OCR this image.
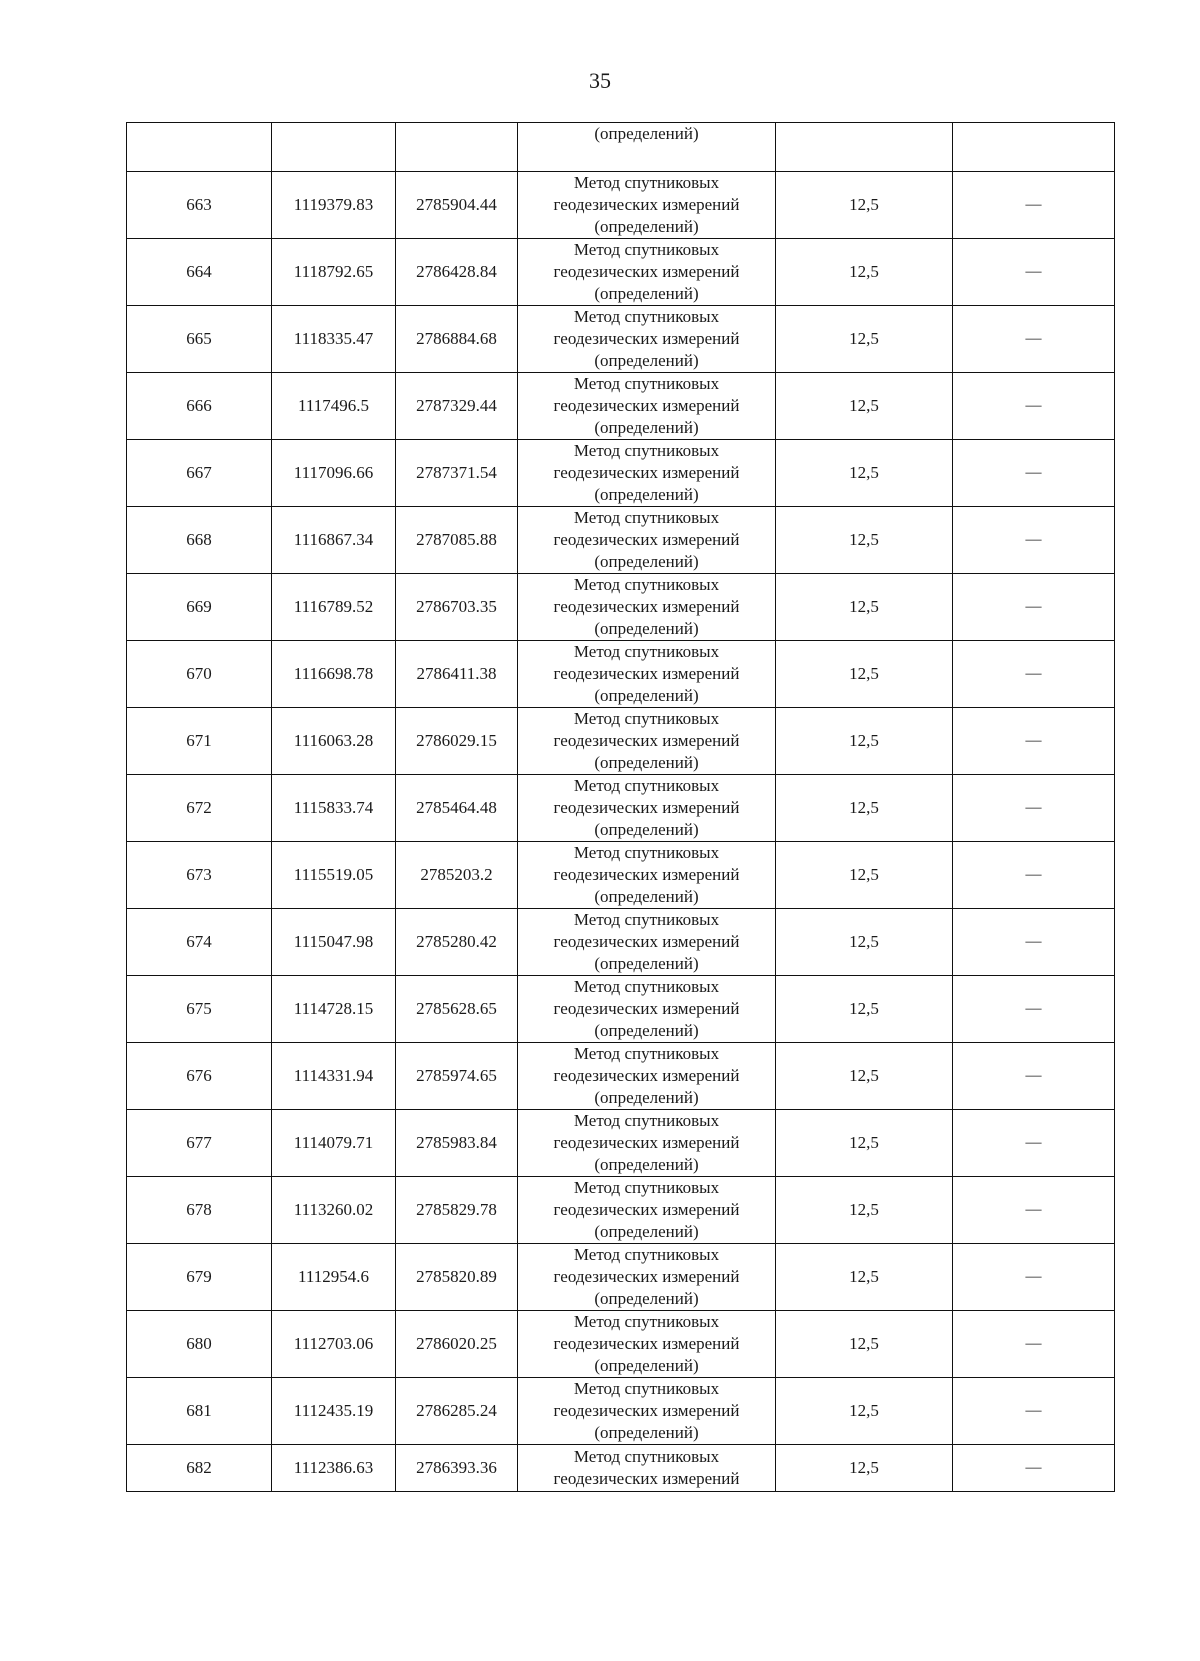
35
			(определений)		
663	1119379.83	2785904.44	Метод спутниковых
геодезических измерений
(определений)	12,5	—
664	1118792.65	2786428.84	Метод спутниковых
геодезических измерений
(определений)	12,5	—
665	1118335.47	2786884.68	Метод спутниковых
геодезических измерений
(определений)	12,5	—
666	1117496.5	2787329.44	Метод спутниковых
геодезических измерений
(определений)	12,5	—
667	1117096.66	2787371.54	Метод спутниковых
геодезических измерений
(определений)	12,5	—
668	1116867.34	2787085.88	Метод спутниковых
геодезических измерений
(определений)	12,5	—
669	1116789.52	2786703.35	Метод спутниковых
геодезических измерений
(определений)	12,5	—
670	1116698.78	2786411.38	Метод спутниковых
геодезических измерений
(определений)	12,5	—
671	1116063.28	2786029.15	Метод спутниковых
геодезических измерений
(определений)	12,5	—
672	1115833.74	2785464.48	Метод спутниковых
геодезических измерений
(определений)	12,5	—
673	1115519.05	2785203.2	Метод спутниковых
геодезических измерений
(определений)	12,5	—
674	1115047.98	2785280.42	Метод спутниковых
геодезических измерений
(определений)	12,5	—
675	1114728.15	2785628.65	Метод спутниковых
геодезических измерений
(определений)	12,5	—
676	1114331.94	2785974.65	Метод спутниковых
геодезических измерений
(определений)	12,5	—
677	1114079.71	2785983.84	Метод спутниковых
геодезических измерений
(определений)	12,5	—
678	1113260.02	2785829.78	Метод спутниковых
геодезических измерений
(определений)	12,5	—
679	1112954.6	2785820.89	Метод спутниковых
геодезических измерений
(определений)	12,5	—
680	1112703.06	2786020.25	Метод спутниковых
геодезических измерений
(определений)	12,5	—
681	1112435.19	2786285.24	Метод спутниковых
геодезических измерений
(определений)	12,5	—
682	1112386.63	2786393.36	Метод спутниковых
геодезических измерений	12,5	—
